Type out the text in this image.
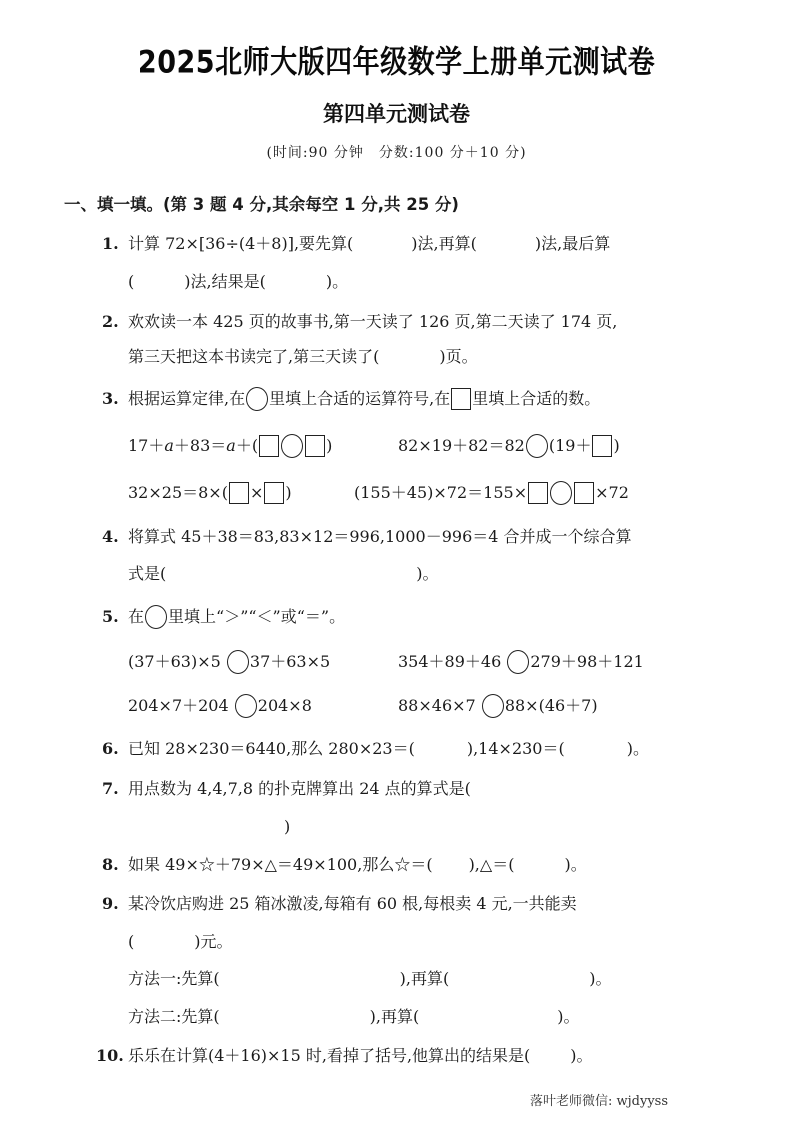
2025北师大版四年级数学上册单元测试卷
第四单元测试卷
(时间:90 分钟　分数:100 分＋10 分)
一、填一填。(第 3 题 4 分,其余每空 1 分,共 25 分)
1. 计算 72×[36÷(4＋8)],要先算(	)法,再算(	)法,最后算
(	)法,结果是(	)。
2. 欢欢读一本 425 页的故事书,第一天读了 126 页,第二天读了 174 页,
第三天把这本书读完了,第三天读了(	)页。
3. 根据运算定律,在 里填上合适的运算符号,在 里填上合适的数。
17＋a＋83＝a＋(	)	82×19＋82＝82 (19＋ )
32×25＝8×( × )	(155＋45)×72＝155×	×72
4. 将算式 45＋38＝83,83×12＝996,1000－996＝4 合并成一个综合算
式是(	)。
5. 在 里填上“＞”“＜”或“＝”。
(37＋63)×5 37＋63×5	354＋89＋46 279＋98＋121
204×7＋204 204×8	88×46×7 88×(46＋7)
6. 已知 28×230＝6440,那么 280×23＝(	),14×230＝(	)。
7. 用点数为 4,4,7,8 的扑克牌算出 24 点的算式是(
)
8. 如果 49×☆＋79×△＝49×100,那么☆＝( ),△＝(	)。
9. 某冷饮店购进 25 箱冰激凌,每箱有 60 根,每根卖 4 元,一共能卖
(	)元。
方法一:先算(	),再算(	)。
方法二:先算(	),再算(	)。
10. 乐乐在计算(4＋16)×15 时,看掉了括号,他算出的结果是(	)。
落叶老师微信: wjdyyss
